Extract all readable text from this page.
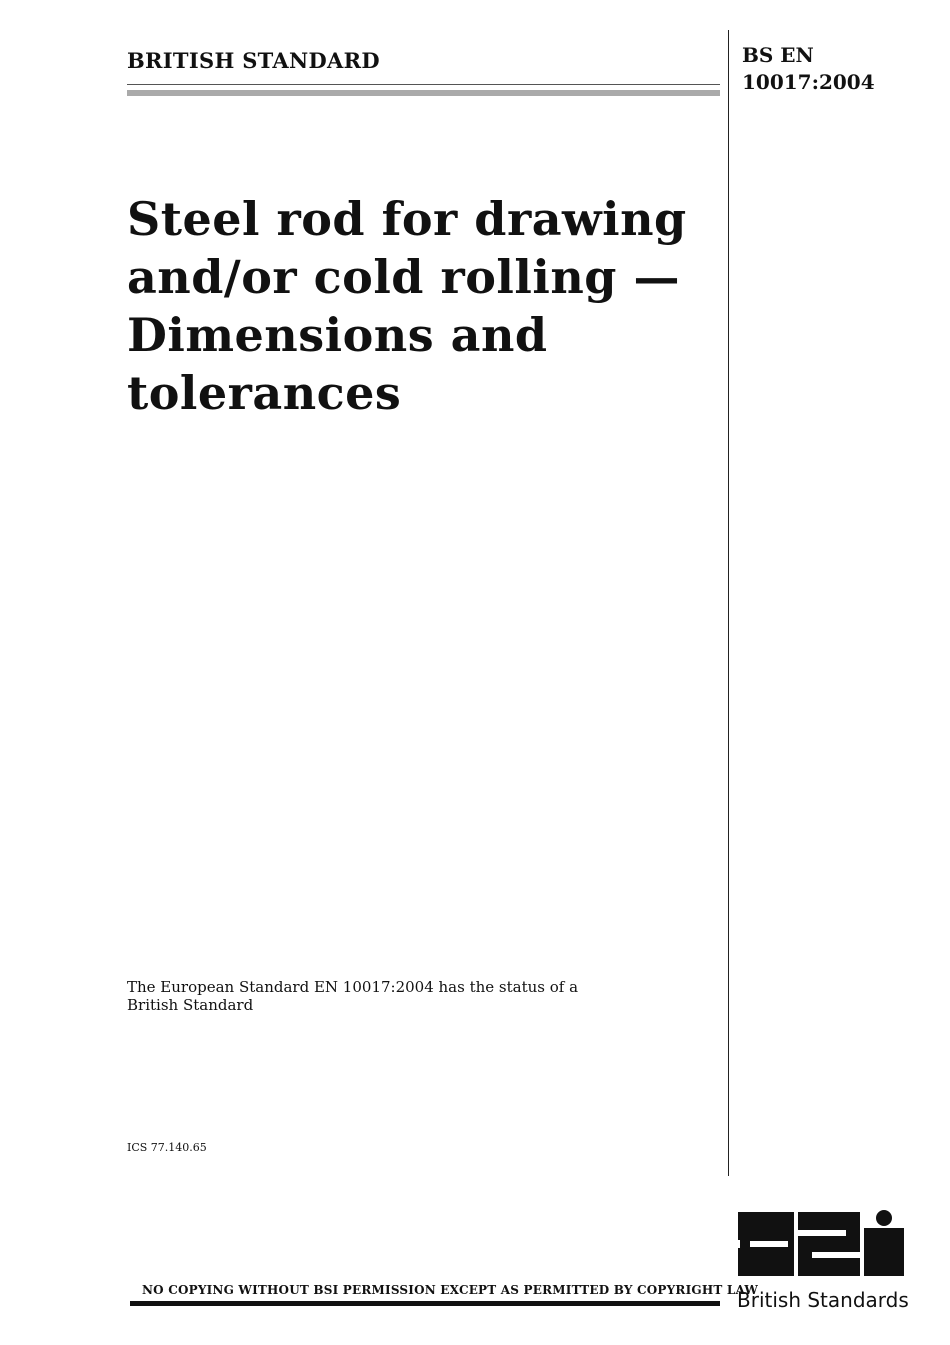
BRITISH STANDARD	BS EN
10017:2004
Steel rod for drawing and/or cold rolling — Dimensions and tolerances
The European Standard EN 10017:2004 has the status of a British Standard
ICS 77.140.65
NO COPYING WITHOUT BSI PERMISSION EXCEPT AS PERMITTED BY COPYRIGHT LAW
British Standards
